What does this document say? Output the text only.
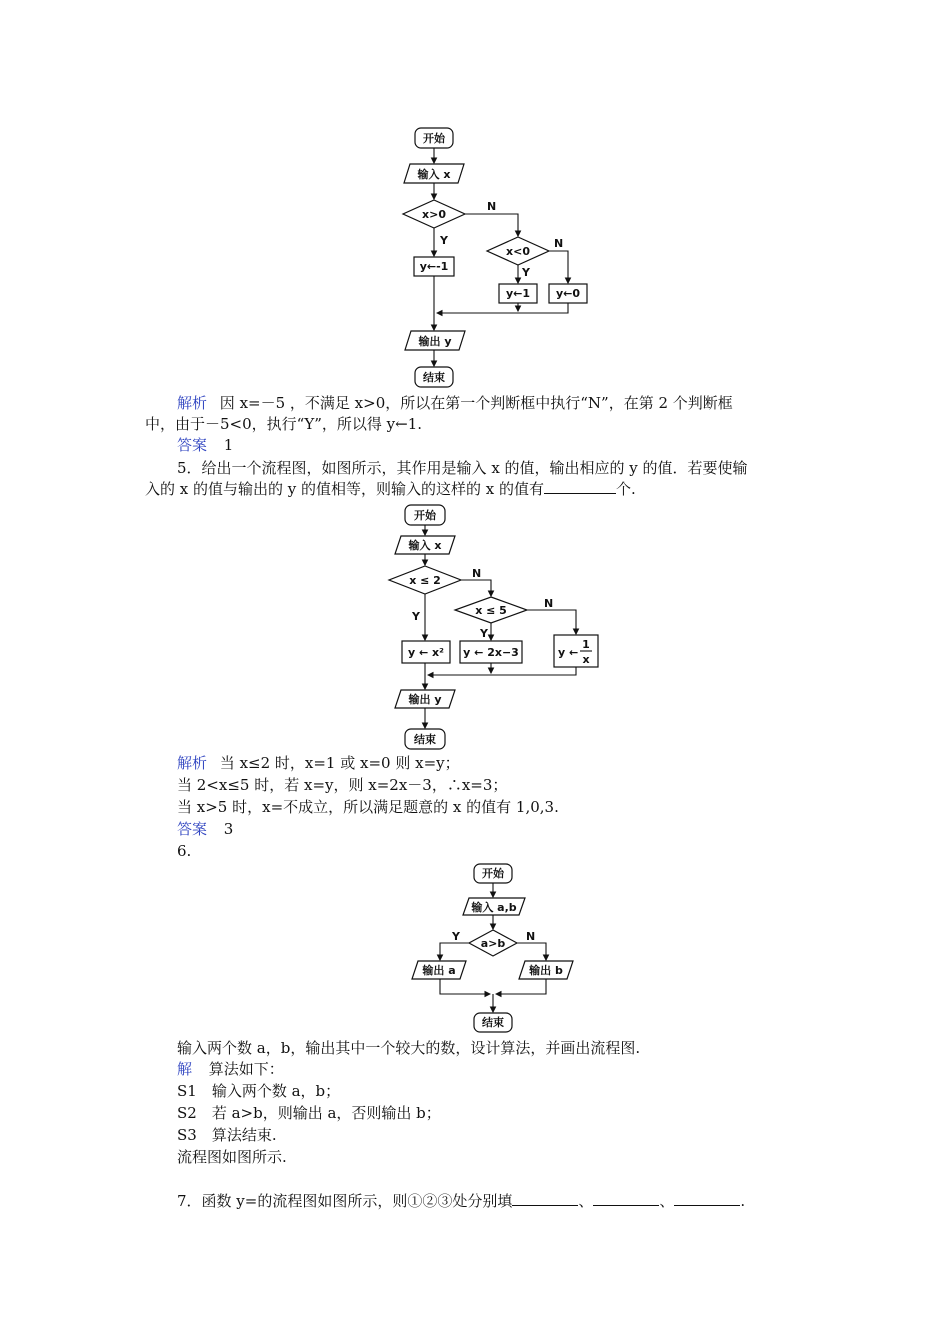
开始
输入 x
x>0
N
Y
y←-1
x<0
N
Y
y←1 y←0
输出 y
结束
解析 因 x=－5 ，不满足 x>0，所以在第一个判断框中执行“N”，在第 2 个判断框
中，由于－5<0，执行“Y”，所以得 y←1.
答案 1
5．给出一个流程图，如图所示，其作用是输入 x 的值，输出相应的 y 的值．若要使输
入的 x 的值与输出的 y 的值相等，则输入的这样的 x 的值有	个.
开始
输入 x
x ≤ 2
N
Y	x ≤ 5
N
Y
y ← x² y ← 2x−3	y ←
1
x
输出 y
结束
解析 当 x≤2 时，x=1 或 x=0 则 x=y；
当 2<x≤5 时，若 x=y，则 x=2x－3，∴x=3；
当 x>5 时，x=不成立，所以满足题意的 x 的值有 1,0,3.
答案 3
6.
开始
输入 a,b
a>b
Y	N
输出 a	输出 b
结束
输入两个数 a，b，输出其中一个较大的数，设计算法，并画出流程图.
解 算法如下：
S1　输入两个数 a，b；
S2　若 a>b，则输出 a，否则输出 b；
S3　算法结束.
流程图如图所示.
7．函数 y=的流程图如图所示，则①②③处分别填	、	、	.
